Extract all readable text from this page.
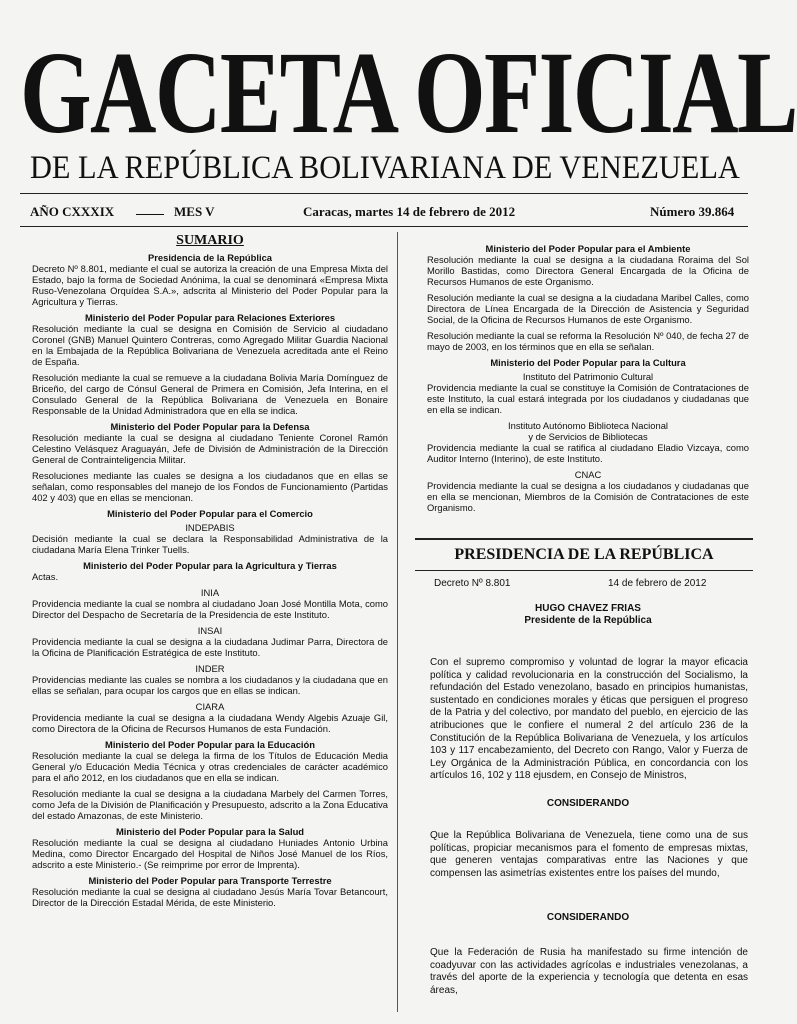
GACETA OFICIAL
DE LA REPÚBLICA BOLIVARIANA DE VENEZUELA
AÑO CXXXIX	MES V	Caracas, martes 14 de febrero de 2012	Número 39.864
SUMARIO

Presidencia de la República

Decreto Nº 8.801, mediante el cual se autoriza la creación de una Empresa Mixta del Estado, bajo la forma de Sociedad Anónima, la cual se denominará «Empresa Mixta Ruso-Venezolana Orquídea S.A.», adscrita al Ministerio del Poder Popular para la Agricultura y Tierras.

Ministerio del Poder Popular para Relaciones Exteriores

Resolución mediante la cual se designa en Comisión de Servicio al ciudadano Coronel (GNB) Manuel Quintero Contreras, como Agregado Militar Guardia Nacional en la Embajada de la República Bolivariana de Venezuela acreditada ante el Reino de España.

Resolución mediante la cual se remueve a la ciudadana Bolivia María Domínguez de Briceño, del cargo de Cónsul General de Primera en Comisión, Jefa Interina, en el Consulado General de la República Bolivariana de Venezuela en Bonaire Responsable de la Unidad Administradora que en ella se indica.

Ministerio del Poder Popular para la Defensa

Resolución mediante la cual se designa al ciudadano Teniente Coronel Ramón Celestino Velásquez Araguayán, Jefe de División de Administración de la Dirección General de Contrainteligencia Militar.

Resoluciones mediante las cuales se designa a los ciudadanos que en ellas se señalan, como responsables del manejo de los Fondos de Funcionamiento (Partidas 402 y 403) que en ellas se mencionan.

Ministerio del Poder Popular para el Comercio

INDEPABIS

Decisión mediante la cual se declara la Responsabilidad Administrativa de la ciudadana María Elena Trinker Tuells.

Ministerio del Poder Popular para la Agricultura y Tierras

Actas.

INIA

Providencia mediante la cual se nombra al ciudadano Joan José Montilla Mota, como Director del Despacho de Secretaría de la Presidencia de este Instituto.

INSAI

Providencia mediante la cual se designa a la ciudadana Judimar Parra, Directora de la Oficina de Planificación Estratégica de este Instituto.

INDER

Providencias mediante las cuales se nombra a los ciudadanos y la ciudadana que en ellas se señalan, para ocupar los cargos que en ellas se indican.

CIARA

Providencia mediante la cual se designa a la ciudadana Wendy Algebis Azuaje Gil, como Directora de la Oficina de Recursos Humanos de esta Fundación.

Ministerio del Poder Popular para la Educación

Resolución mediante la cual se delega la firma de los Títulos de Educación Media General y/o Educación Media Técnica y otras credenciales de carácter académico para el año 2012, en los ciudadanos que en ella se indican.

Resolución mediante la cual se designa a la ciudadana Marbely del Carmen Torres, como Jefa de la División de Planificación y Presupuesto, adscrito a la Zona Educativa del estado Amazonas, de este Ministerio.

Ministerio del Poder Popular para la Salud

Resolución mediante la cual se designa al ciudadano Huniades Antonio Urbina Medina, como Director Encargado del Hospital de Niños José Manuel de los Ríos, adscrito a este Ministerio.- (Se reimprime por error de Imprenta).

Ministerio del Poder Popular para Transporte Terrestre

Resolución mediante la cual se designa al ciudadano Jesús María Tovar Betancourt, Director de la Dirección Estadal Mérida, de este Ministerio.

Ministerio del Poder Popular para el Ambiente

Resolución mediante la cual se designa a la ciudadana Roraima del Sol Morillo Bastidas, como Directora General Encargada de la Oficina de Recursos Humanos de este Organismo.

Resolución mediante la cual se designa a la ciudadana Maribel Calles, como Directora de Línea Encargada de la Dirección de Asistencia y Seguridad Social, de la Oficina de Recursos Humanos de este Organismo.

Resolución mediante la cual se reforma la Resolución Nº 040, de fecha 27 de mayo de 2003, en los términos que en ella se señalan.

Ministerio del Poder Popular para la Cultura

Instituto del Patrimonio Cultural

Providencia mediante la cual se constituye la Comisión de Contrataciones de este Instituto, la cual estará integrada por los ciudadanos y ciudadanas que en ella se indican.

Instituto Autónomo Biblioteca Nacional
y de Servicios de Bibliotecas

Providencia mediante la cual se ratifica al ciudadano Eladio Vizcaya, como Auditor Interno (Interino), de este Instituto.

CNAC

Providencia mediante la cual se designa a los ciudadanos y ciudadanas que en ella se mencionan, Miembros de la Comisión de Contrataciones de este Organismo.

PRESIDENCIA DE LA REPÚBLICA
Decreto Nº 8.801	14 de febrero de 2012
HUGO CHAVEZ FRIAS
Presidente de la República
Con el supremo compromiso y voluntad de lograr la mayor eficacia política y calidad revolucionaria en la construcción del Socialismo, la refundación del Estado venezolano, basado en principios humanistas, sustentado en condiciones morales y éticas que persiguen el progreso de la Patria y del colectivo, por mandato del pueblo, en ejercicio de las atribuciones que le confiere el numeral 2 del artículo 236 de la Constitución de la República Bolivariana de Venezuela, y los artículos 103 y 117 encabezamiento, del Decreto con Rango, Valor y Fuerza de Ley Orgánica de la Administración Pública, en concordancia con los artículos 16, 102 y 118 ejusdem, en Consejo de Ministros,
CONSIDERANDO
Que la República Bolivariana de Venezuela, tiene como una de sus políticas, propiciar mecanismos para el fomento de empresas mixtas, que generen ventajas comparativas entre las Naciones y que compensen las asimetrías existentes entre los países del mundo,
CONSIDERANDO
Que la Federación de Rusia ha manifestado su firme intención de coadyuvar con las actividades agrícolas e industriales venezolanas, a través del aporte de la experiencia y tecnología que detenta en esas áreas,
